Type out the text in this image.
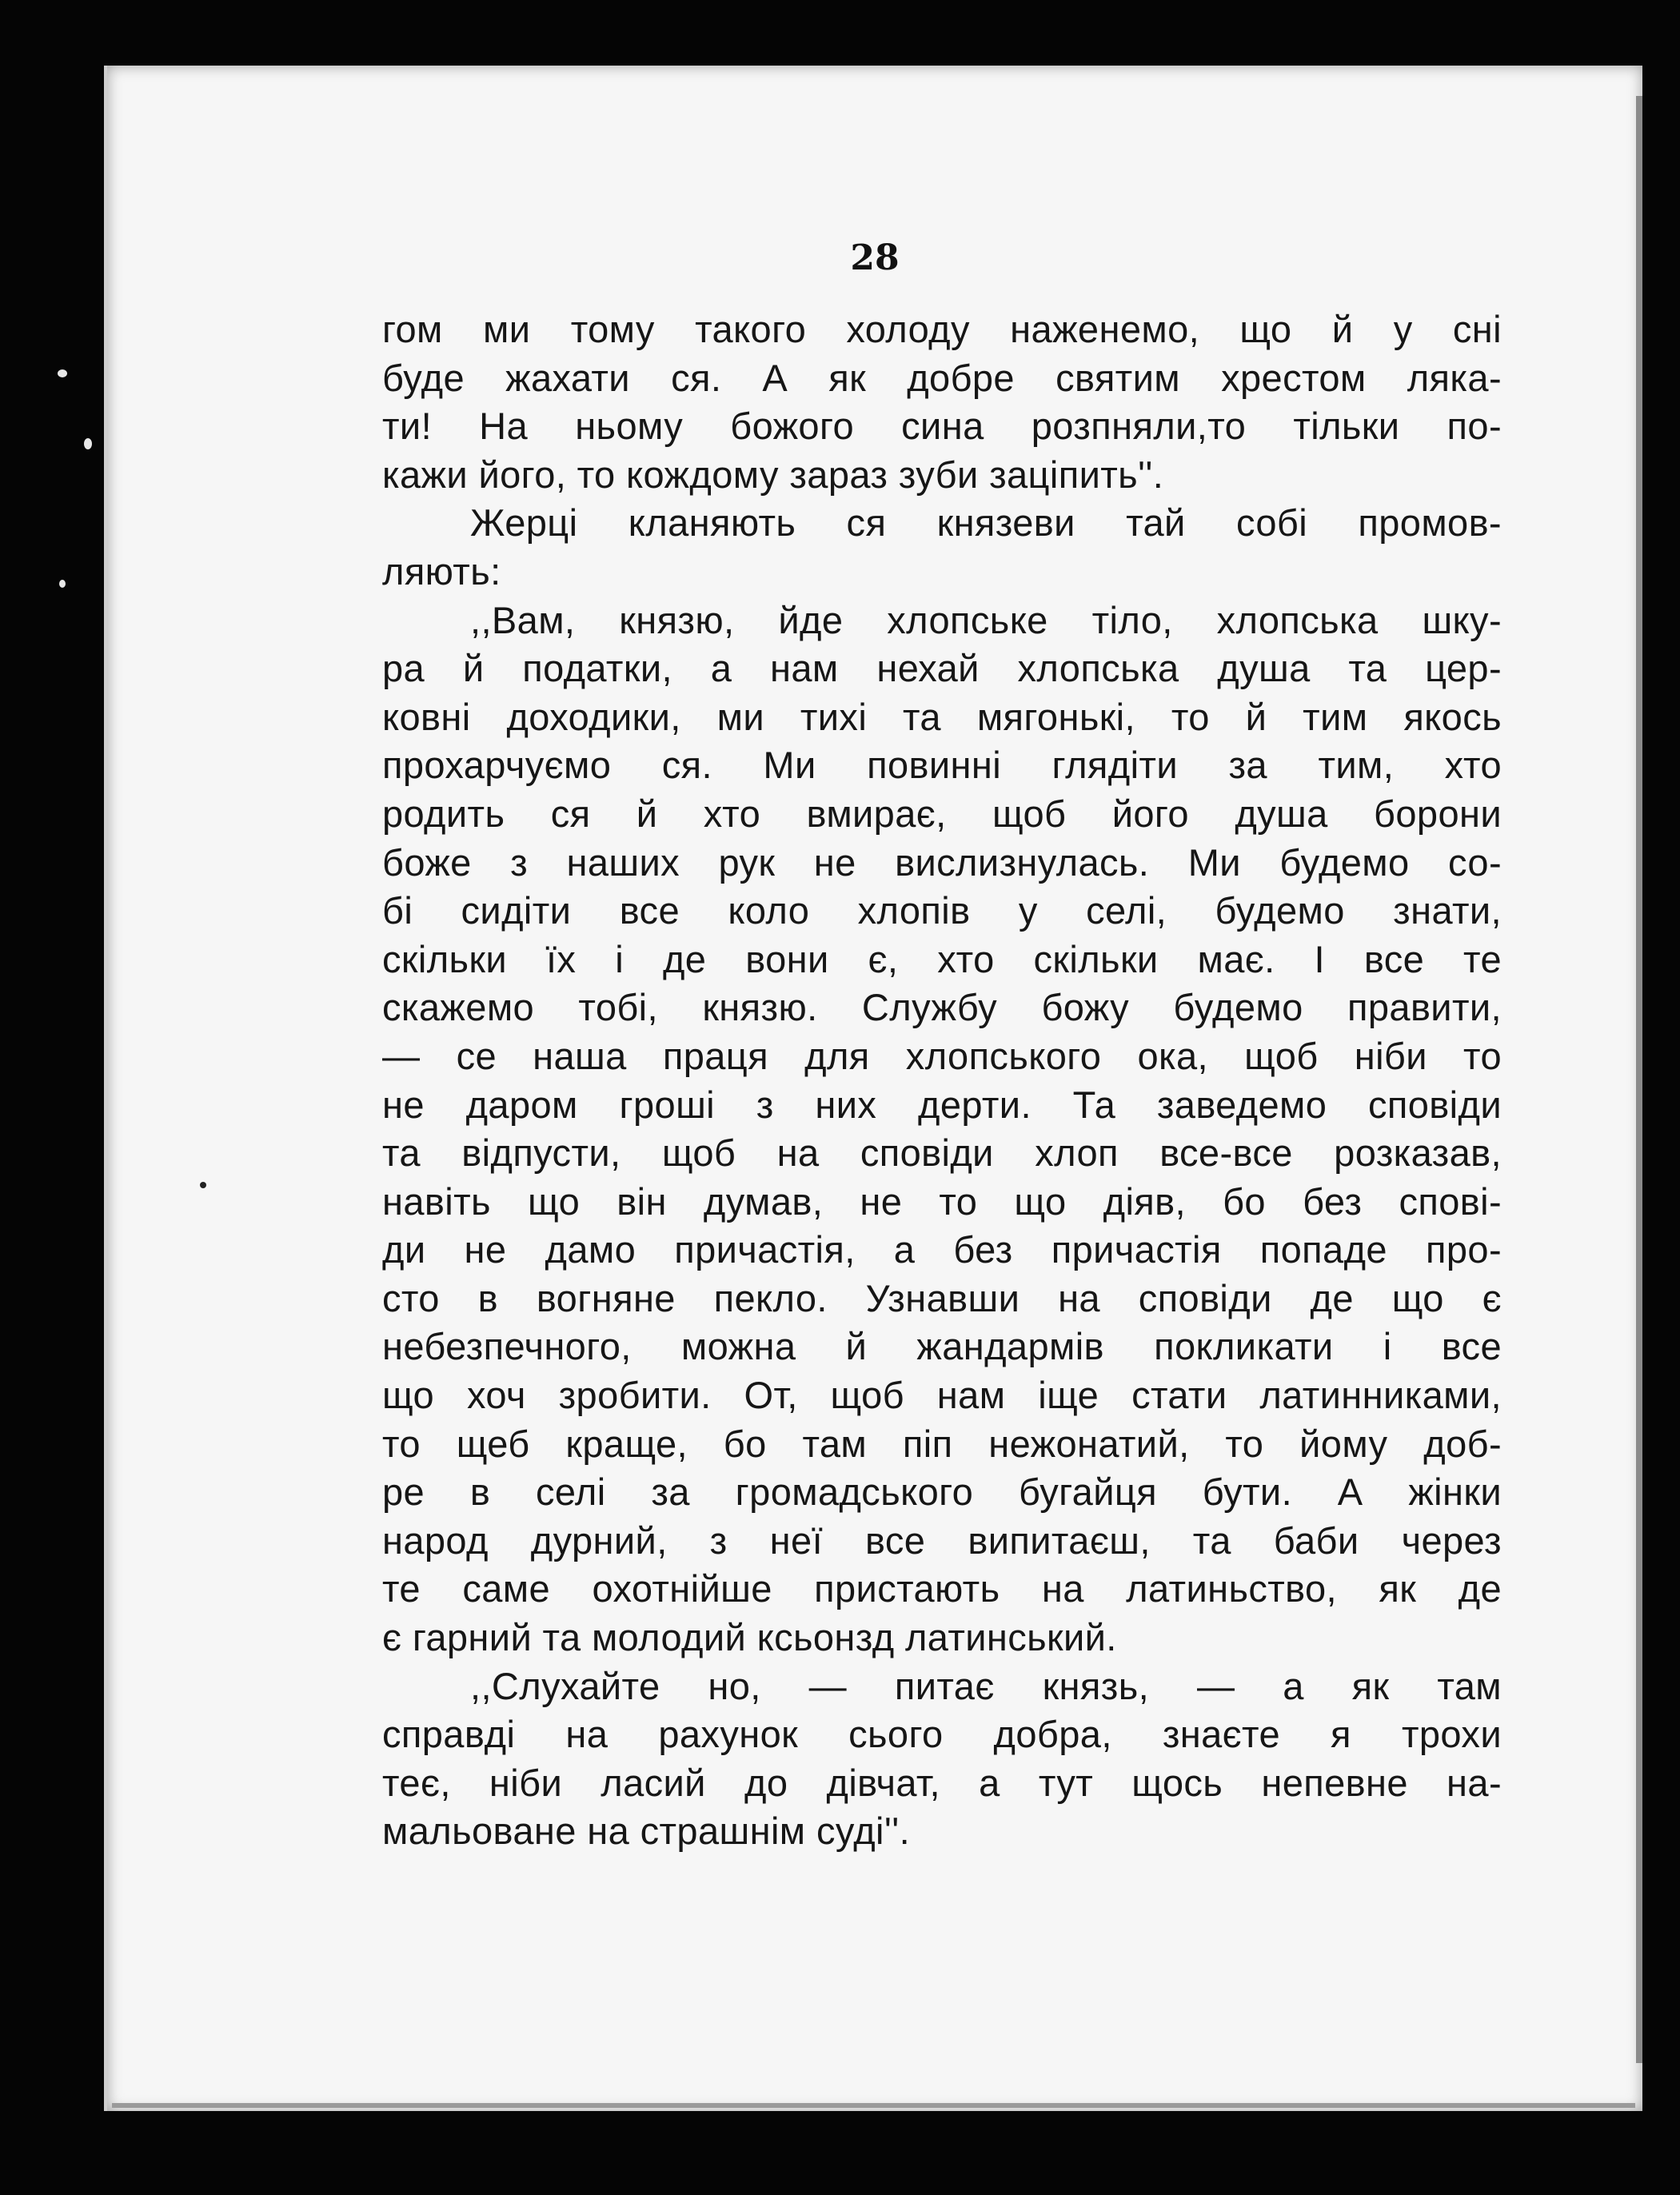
28
гом ми тому такого холоду наженемо, що й у сні
буде жахати ся. А як добре святим хрестом ляка-
ти! На ньому божого сина розпняли,то тільки по-
кажи його, то кождому зараз зуби заціпить''.
Жерці кланяють ся князеви тай собі промов-
ляють:
,,Вам, князю, йде хлопське тіло, хлопська шку-
ра й податки, а нам нехай хлопська душа та цер-
ковні доходики, ми тихі та мягонькі, то й тим якось
прохарчуємо ся. Ми повинні глядіти за тим, хто
родить ся й хто вмирає, щоб його душа борони
боже з наших рук не вислизнулась. Ми будемо со-
бі сидіти все коло хлопів у селі, будемо знати,
скільки їх і де вони є, хто скільки має. І все те
скажемо тобі, князю. Службу божу будемо правити,
— се наша праця для хлопського ока, щоб ніби то
не даром гроші з них дерти. Та заведемо сповіди
та відпусти, щоб на сповіди хлоп все-все розказав,
навіть що він думав, не то що діяв, бо без спові-
ди не дамо причастія, а без причастія попаде про-
сто в вогняне пекло. Узнавши на сповіди де що є
небезпечного, можна й жандармів покликати і все
що хоч зробити. От, щоб нам іще стати латинниками,
то щеб краще, бо там піп нежонатий, то йому доб-
ре в селі за громадського бугайця бути. А жінки
народ дурний, з неї все випитаєш, та баби через
те саме охотнійше пристають на латиньство, як де
є гарний та молодий ксьонзд латинський.
,,Слухайте но, — питає князь, — а як там
справді на рахунок сього добра, знаєте я трохи
теє, ніби ласий до дівчат, а тут щось непевне на-
мальоване на страшнім суді''.
